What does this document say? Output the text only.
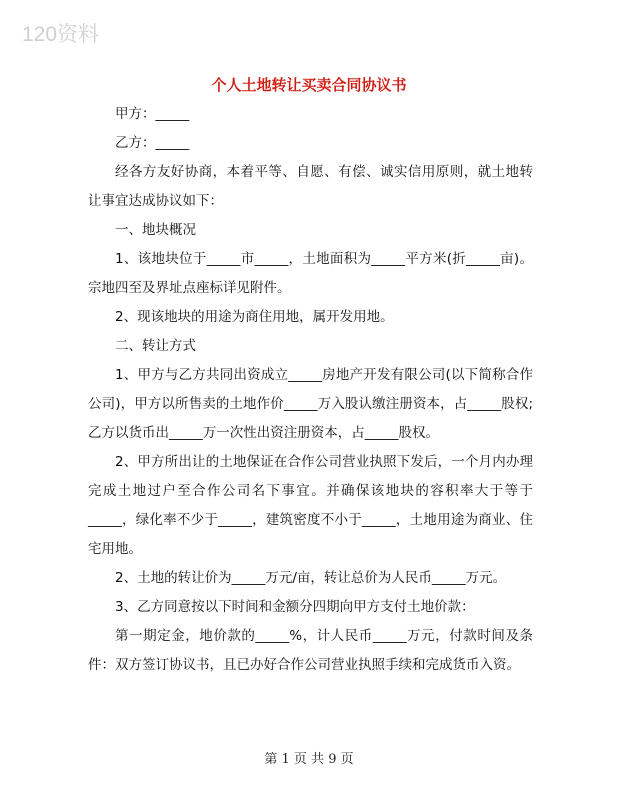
120资料
个人土地转让买卖合同协议书

甲方：_____

乙方：_____

经各方友好协商，本着平等、自愿、有偿、诚实信用原则，就土地转让事宜达成协议如下：

一、地块概况

1、该地块位于_____市_____，土地面积为_____平方米(折_____亩)。宗地四至及界址点座标详见附件。

2、现该地块的用途为商住用地，属开发用地。

二、转让方式

1、甲方与乙方共同出资成立_____房地产开发有限公司(以下简称合作公司)，甲方以所售卖的土地作价_____万入股认缴注册资本，占_____股权;乙方以货币出_____万一次性出资注册资本，占_____股权。

2、甲方所出让的土地保证在合作公司营业执照下发后，一个月内办理完成土地过户至合作公司名下事宜。并确保该地块的容积率大于等于_____，绿化率不少于_____，建筑密度不小于_____，土地用途为商业、住宅用地。

2、土地的转让价为_____万元/亩，转让总价为人民币_____万元。

3、乙方同意按以下时间和金额分四期向甲方支付土地价款：

第一期定金，地价款的_____%，计人民币_____万元，付款时间及条件：双方签订协议书，且已办好合作公司营业执照手续和完成货币入资。

第 1 页 共 9 页
